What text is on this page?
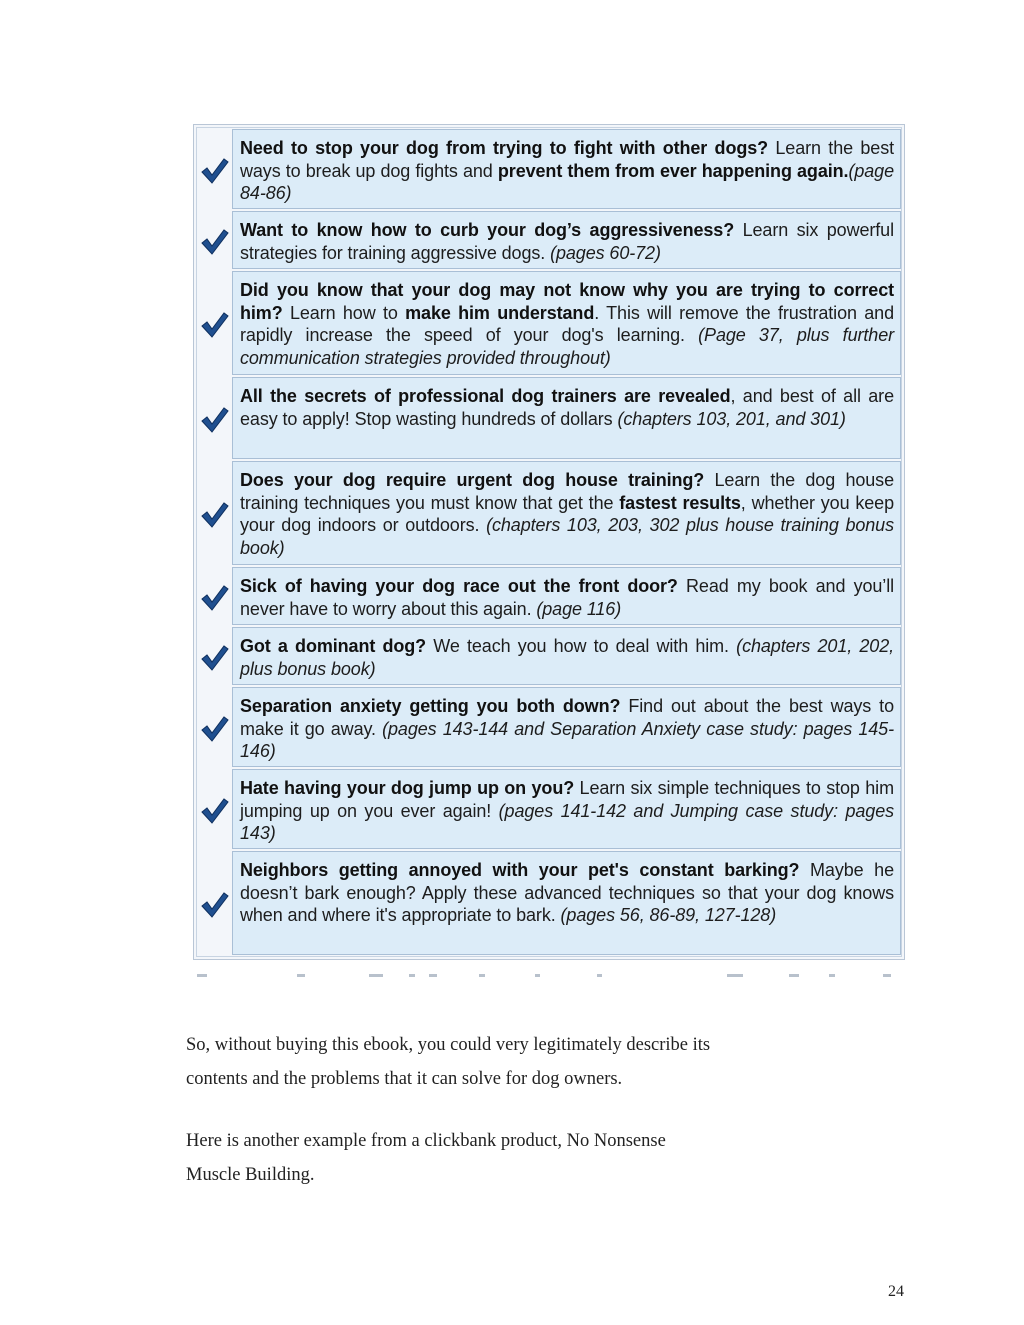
Need to stop your dog from trying to fight with other dogs? Learn the best ways to break up dog fights and prevent them from ever happening again.(page 84-86)
Want to know how to curb your dog’s aggressiveness? Learn six powerful strategies for training aggressive dogs. (pages 60-72)
Did you know that your dog may not know why you are trying to correct him? Learn how to make him understand. This will remove the frustration and rapidly increase the speed of your dog's learning. (Page 37, plus further communication strategies provided throughout)
All the secrets of professional dog trainers are revealed, and best of all are easy to apply! Stop wasting hundreds of dollars (chapters 103, 201, and 301)
Does your dog require urgent dog house training? Learn the dog house training techniques you must know that get the fastest results, whether you keep your dog indoors or outdoors. (chapters 103, 203, 302 plus house training bonus book)
Sick of having your dog race out the front door? Read my book and you’ll never have to worry about this again. (page 116)
Got a dominant dog? We teach you how to deal with him. (chapters 201, 202, plus bonus book)
Separation anxiety getting you both down? Find out about the best ways to make it go away. (pages 143-144 and Separation Anxiety case study: pages 145-146)
Hate having your dog jump up on you? Learn six simple techniques to stop him jumping up on you ever again! (pages 141-142 and Jumping case study: pages 143)
Neighbors getting annoyed with your pet's constant barking? Maybe he doesn’t bark enough? Apply these advanced techniques so that your dog knows when and where it's appropriate to bark. (pages 56, 86-89, 127-128)
So, without buying this ebook, you could very legitimately describe its
contents and the problems that it can solve for dog owners.
Here is another example from a clickbank product, No Nonsense
Muscle Building.
24
